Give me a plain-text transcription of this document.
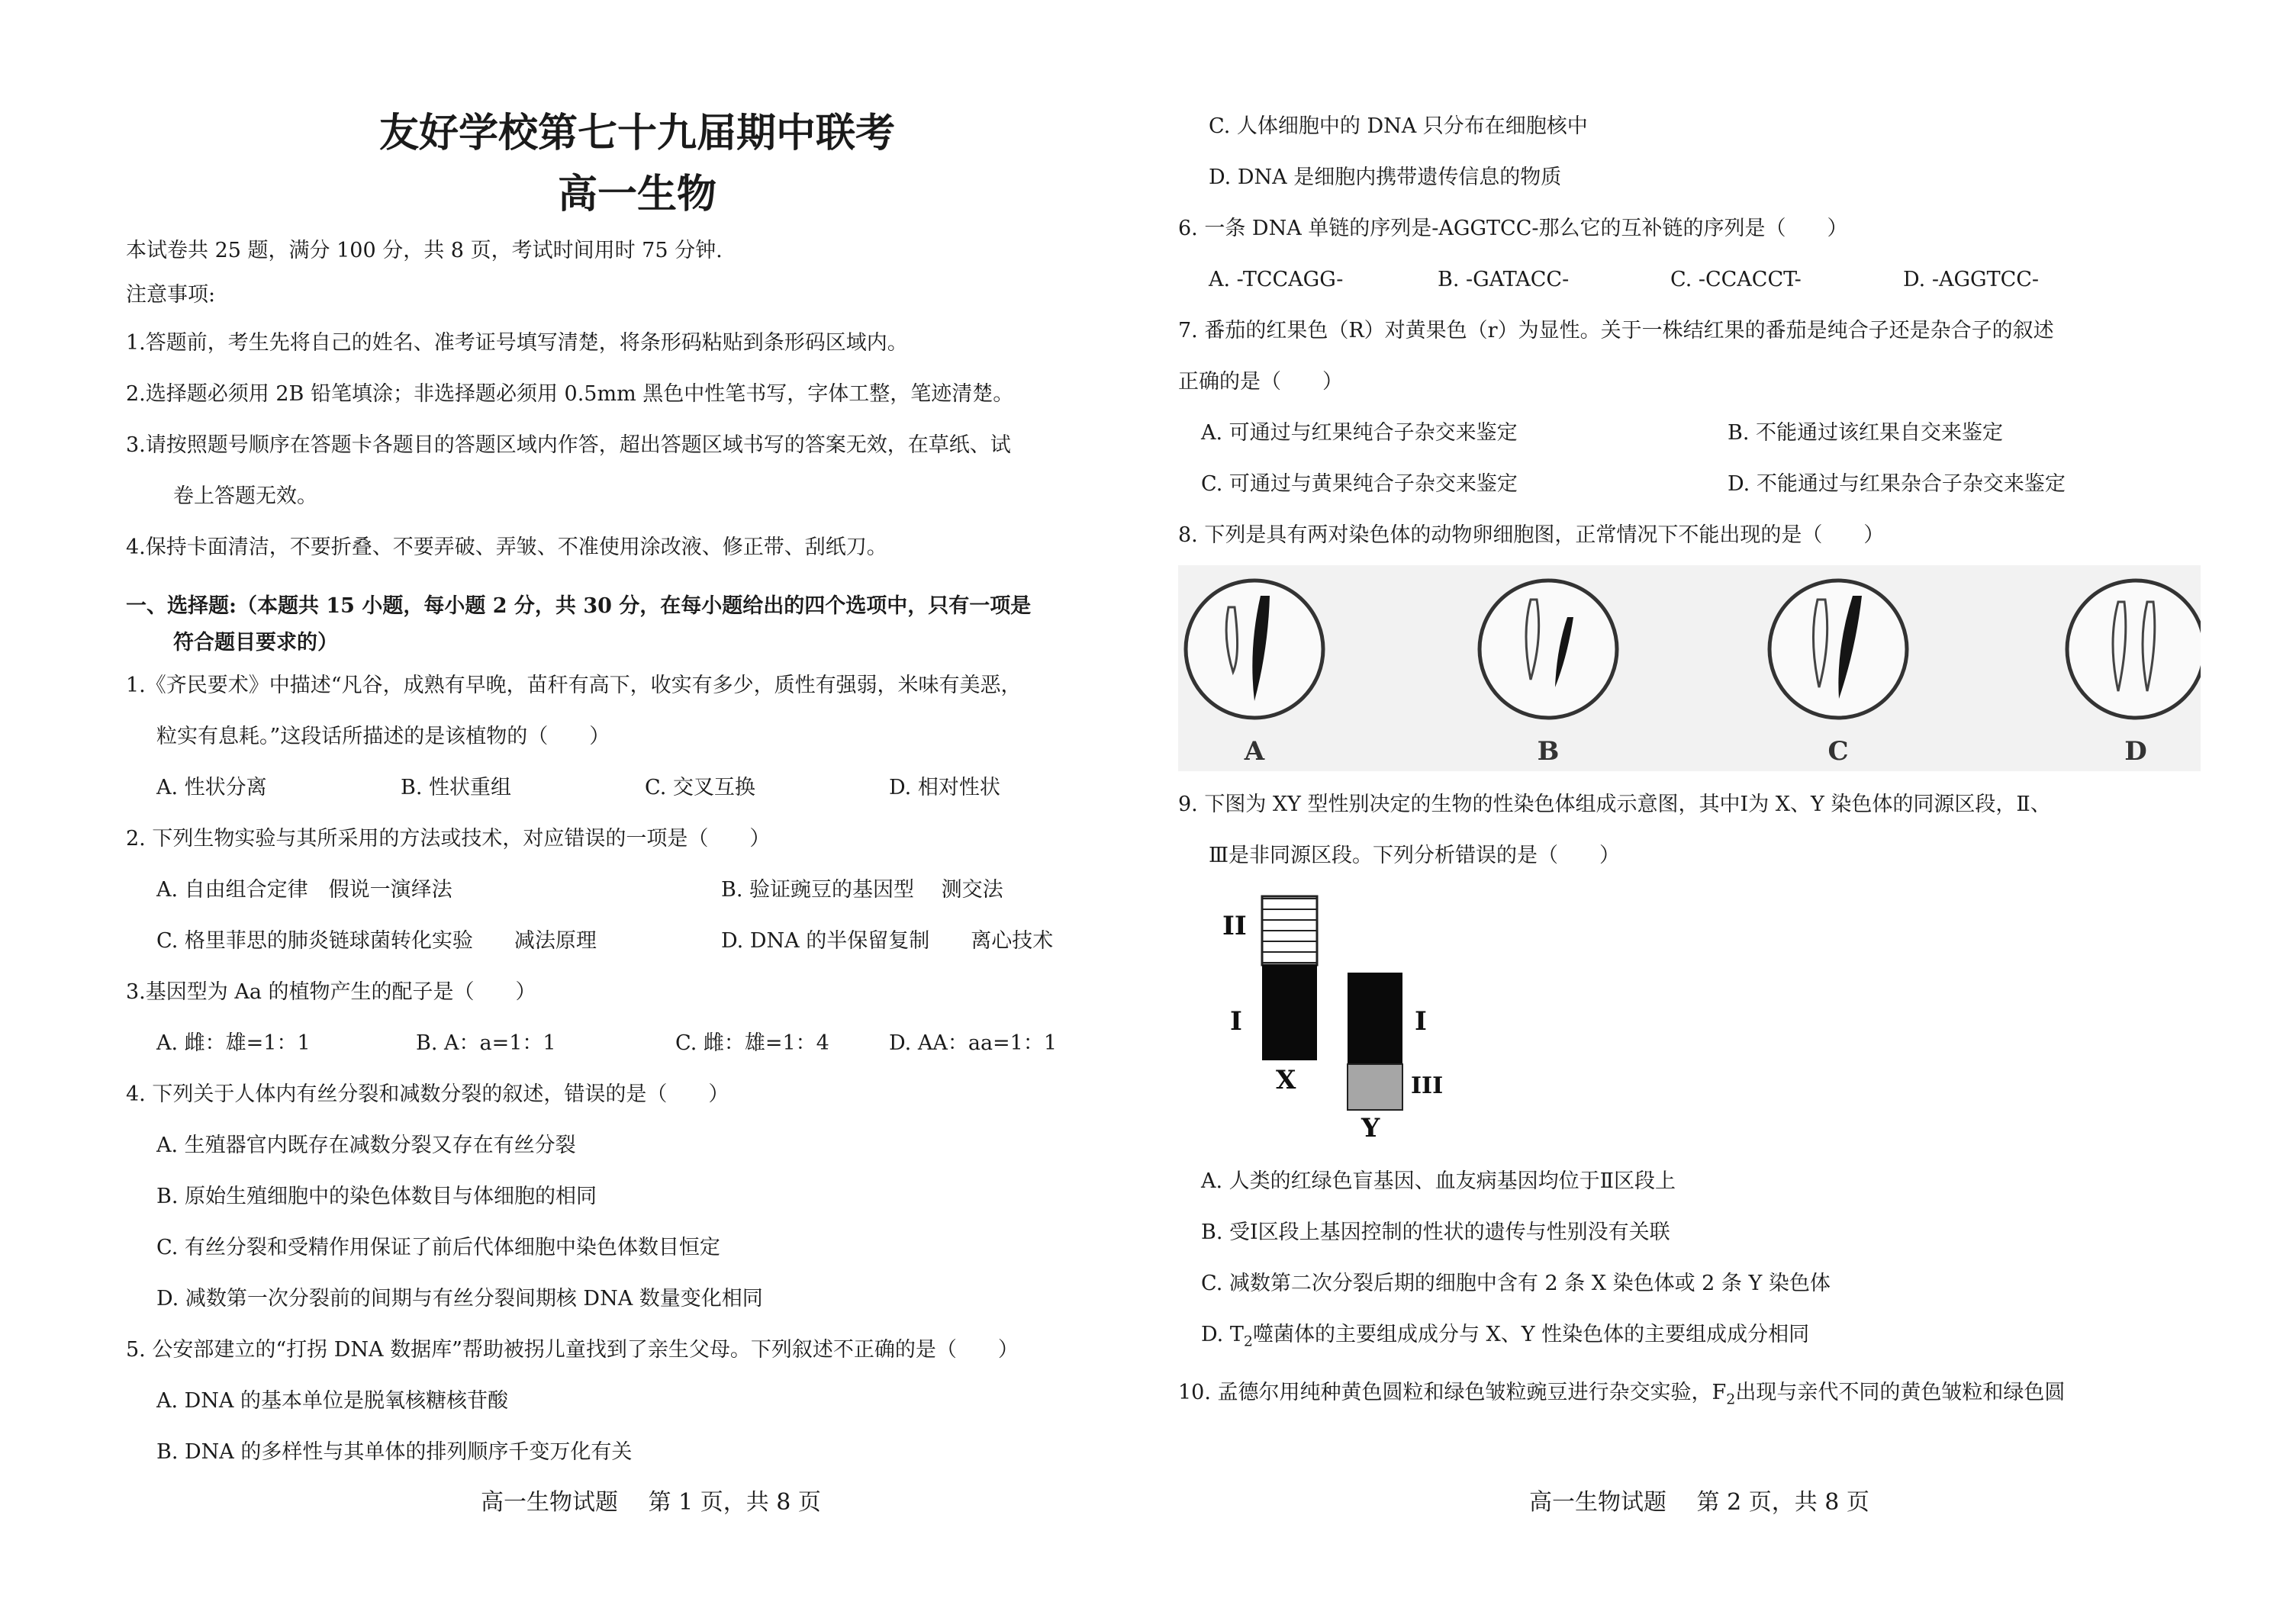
友好学校第七十九届期中联考
高一生物
本试卷共 25 题，满分 100 分，共 8 页，考试时间用时 75 分钟.
注意事项:
1.答题前，考生先将自己的姓名、准考证号填写清楚，将条形码粘贴到条形码区域内。
2.选择题必须用 2B 铅笔填涂；非选择题必须用 0.5mm 黑色中性笔书写，字体工整，笔迹清楚。
3.请按照题号顺序在答题卡各题目的答题区域内作答，超出答题区域书写的答案无效，在草纸、试
卷上答题无效。
4.保持卡面清洁，不要折叠、不要弄破、弄皱、不准使用涂改液、修正带、刮纸刀。
一、选择题:（本题共 15 小题，每小题 2 分，共 30 分，在每小题给出的四个选项中，只有一项是
符合题目要求的）
1.《齐民要术》中描述“凡谷，成熟有早晚，苗秆有高下，收实有多少，质性有强弱，米味有美恶，
粒实有息耗。”这段话所描述的是该植物的（　　）
A. 性状分离	B. 性状重组	C. 交叉互换	D. 相对性状
2. 下列生物实验与其所采用的方法或技术，对应错误的一项是（　　）
A. 自由组合定律　假说一演绎法	B. 验证豌豆的基因型　 测交法
C. 格里菲思的肺炎链球菌转化实验　　减法原理	D. DNA 的半保留复制　　离心技术
3.基因型为 Aa 的植物产生的配子是（　　）
A. 雌：雄=1：1	B. A：a=1：1	C. 雌：雄=1：4	D. AA：aa=1：1
4. 下列关于人体内有丝分裂和减数分裂的叙述，错误的是（　　）
A. 生殖器官内既存在减数分裂又存在有丝分裂
B. 原始生殖细胞中的染色体数目与体细胞的相同
C. 有丝分裂和受精作用保证了前后代体细胞中染色体数目恒定
D. 减数第一次分裂前的间期与有丝分裂间期核 DNA 数量变化相同
5. 公安部建立的“打拐 DNA 数据库”帮助被拐儿童找到了亲生父母。下列叙述不正确的是（　　）
A. DNA 的基本单位是脱氧核糖核苷酸
B. DNA 的多样性与其单体的排列顺序千变万化有关
高一生物试题　 第 1 页，共 8 页
C. 人体细胞中的 DNA 只分布在细胞核中
D. DNA 是细胞内携带遗传信息的物质
6. 一条 DNA 单链的序列是-AGGTCC-那么它的互补链的序列是（　　）
A. -TCCAGG-	B. -GATACC-	C. -CCACCT-	D. -AGGTCC-
7. 番茄的红果色（R）对黄果色（r）为显性。关于一株结红果的番茄是纯合子还是杂合子的叙述
正确的是（　　）
A. 可通过与红果纯合子杂交来鉴定	B. 不能通过该红果自交来鉴定
C. 可通过与黄果纯合子杂交来鉴定	D. 不能通过与红果杂合子杂交来鉴定
8. 下列是具有两对染色体的动物卵细胞图，正常情况下不能出现的是（　　）
A	B	C	D
9. 下图为 XY 型性别决定的生物的性染色体组成示意图，其中Ⅰ为 X、Y 染色体的同源区段，Ⅱ、
Ⅲ是非同源区段。下列分析错误的是（　　）
II
I	I
III
X
Y
A. 人类的红绿色盲基因、血友病基因均位于Ⅱ区段上
B. 受Ⅰ区段上基因控制的性状的遗传与性别没有关联
C. 减数第二次分裂后期的细胞中含有 2 条 X 染色体或 2 条 Y 染色体
D. $T_2$噬菌体的主要组成成分与 X、Y 性染色体的主要组成成分相同
10. 孟德尔用纯种黄色圆粒和绿色皱粒豌豆进行杂交实验，$F_2$出现与亲代不同的黄色皱粒和绿色圆
高一生物试题　 第 2 页，共 8 页
